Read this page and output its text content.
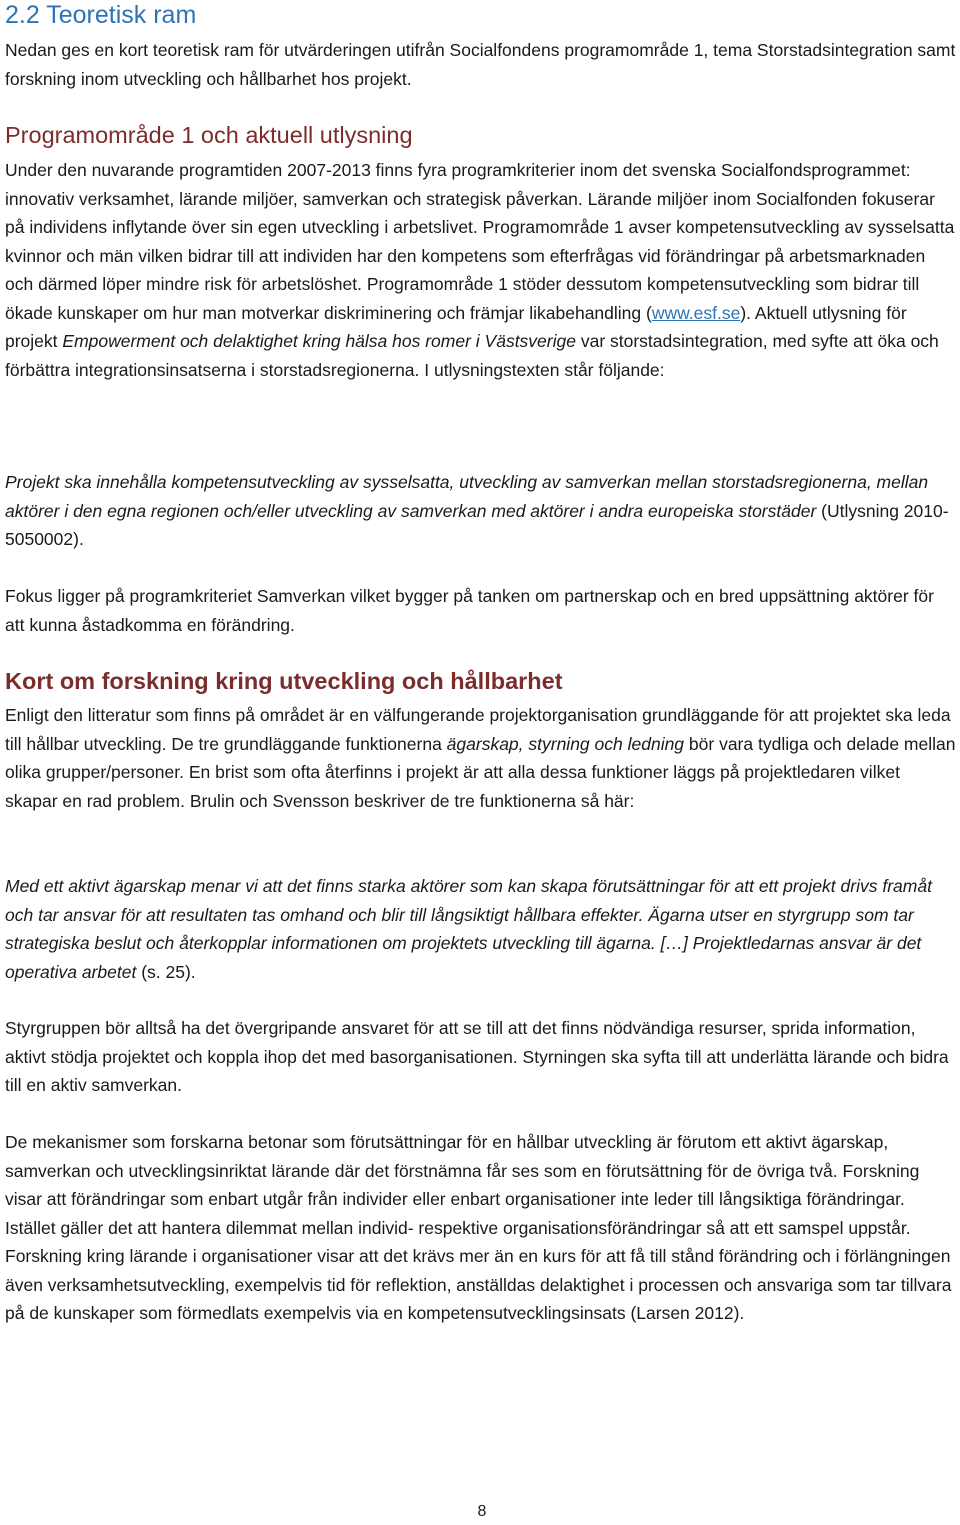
2.2 Teoretisk ram

Nedan ges en kort teoretisk ram för utvärderingen utifrån Socialfondens programområde 1, tema Storstadsintegration samt forskning inom utveckling och hållbarhet hos projekt.

Programområde 1 och aktuell utlysning

Under den nuvarande programtiden 2007-2013 finns fyra programkriterier inom det svenska Socialfondsprogrammet: innovativ verksamhet, lärande miljöer, samverkan och strategisk påverkan. Lärande miljöer inom Socialfonden fokuserar på individens inflytande över sin egen utveckling i arbetslivet. Programområde 1 avser kompetensutveckling av sysselsatta kvinnor och män vilken bidrar till att individen har den kompetens som efterfrågas vid förändringar på arbetsmarknaden och därmed löper mindre risk för arbetslöshet. Programområde 1 stöder dessutom kompetensutveckling som bidrar till ökade kunskaper om hur man motverkar diskriminering och främjar likabehandling (www.esf.se). Aktuell utlysning för projekt Empowerment och delaktighet kring hälsa hos romer i Västsverige var storstadsintegration, med syfte att öka och förbättra integrationsinsatserna i storstadsregionerna. I utlysningstexten står följande:

Projekt ska innehålla kompetensutveckling av sysselsatta, utveckling av samverkan mellan storstadsregionerna, mellan aktörer i den egna regionen och/eller utveckling av samverkan med aktörer i andra europeiska storstäder (Utlysning 2010-5050002).

Fokus ligger på programkriteriet Samverkan vilket bygger på tanken om partnerskap och en bred uppsättning aktörer för att kunna åstadkomma en förändring.

Kort om forskning kring utveckling och hållbarhet

Enligt den litteratur som finns på området är en välfungerande projektorganisation grundläggande för att projektet ska leda till hållbar utveckling. De tre grundläggande funktionerna ägarskap, styrning och ledning bör vara tydliga och delade mellan olika grupper/personer. En brist som ofta återfinns i projekt är att alla dessa funktioner läggs på projektledaren vilket skapar en rad problem. Brulin och Svensson beskriver de tre funktionerna så här:

Med ett aktivt ägarskap menar vi att det finns starka aktörer som kan skapa förutsättningar för att ett projekt drivs framåt och tar ansvar för att resultaten tas omhand och blir till långsiktigt hållbara effekter. Ägarna utser en styrgrupp som tar strategiska beslut och återkopplar informationen om projektets utveckling till ägarna. […] Projektledarnas ansvar är det operativa arbetet (s. 25).

Styrgruppen bör alltså ha det övergripande ansvaret för att se till att det finns nödvändiga resurser, sprida information, aktivt stödja projektet och koppla ihop det med basorganisationen. Styrningen ska syfta till att underlätta lärande och bidra till en aktiv samverkan.

De mekanismer som forskarna betonar som förutsättningar för en hållbar utveckling är förutom ett aktivt ägarskap, samverkan och utvecklingsinriktat lärande där det förstnämna får ses som en förutsättning för de övriga två. Forskning visar att förändringar som enbart utgår från individer eller enbart organisationer inte leder till långsiktiga förändringar. Istället gäller det att hantera dilemmat mellan individ- respektive organisationsförändringar så att ett samspel uppstår. Forskning kring lärande i organisationer visar att det krävs mer än en kurs för att få till stånd förändring och i förlängningen även verksamhetsutveckling, exempelvis tid för reflektion, anställdas delaktighet i processen och ansvariga som tar tillvara på de kunskaper som förmedlats exempelvis via en kompetensutvecklingsinsats (Larsen 2012).

8
